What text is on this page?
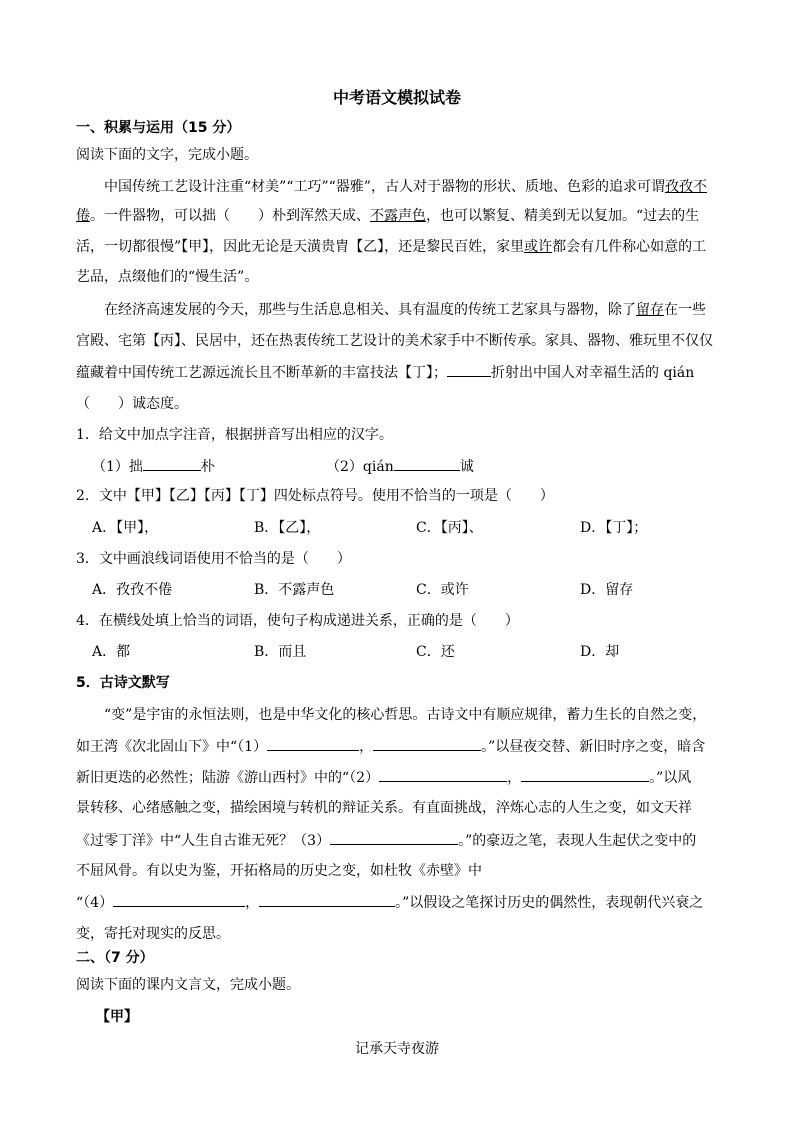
中考语文模拟试卷
一、积累与运用（15 分）
阅读下面的文字，完成小题。
中国传统工艺设计注重“材美”“工巧”“器雅”，古人对于器物的形状、质地、色彩的追求可谓孜孜不
倦。一件器物，可以拙（　　）朴到浑然天成、不露声色，也可以繁复、精美到无以复加。“过去的生
活，一切都很慢”【甲】，因此无论是天潢贵胄【乙】，还是黎民百姓，家里或许都会有几件称心如意的工
艺品，点缀他们的“慢生活”。
在经济高速发展的今天，那些与生活息息相关、具有温度的传统工艺家具与器物，除了留存在一些
宫殿、宅第【丙】、民居中，还在热衷传统工艺设计的美术家手中不断传承。家具、器物、雅玩里不仅仅
蕴藏着中国传统工艺源远流长且不断革新的丰富技法【丁】；	折射出中国人对幸福生活的 qián
（　　）诚态度。
1．给文中加点字注音，根据拼音写出相应的汉字。
（1）拙	朴	（2）qián	诚
2．文中【甲】【乙】【丙】【丁】四处标点符号。使用不恰当的一项是（　　）
A．【甲】，	B．【乙】，	C．【丙】、	D．【丁】；
3．文中画浪线词语使用不恰当的是（　　）
A．孜孜不倦	B．不露声色	C．或许	D．留存
4．在横线处填上恰当的词语，使句子构成递进关系，正确的是（　　）
A．都	B．而且	C．还	D．却
5．古诗文默写
“变”是宇宙的永恒法则，也是中华文化的核心哲思。古诗文中有顺应规律，蓄力生长的自然之变，
如王湾《次北固山下》中“（1）	，	。”以昼夜交替、新旧时序之变，暗含
新旧更迭的必然性；陆游《游山西村》中的“（2）	，	。”以风
景转移、心绪感触之变，描绘困境与转机的辩证关系。有直面挑战，淬炼心志的人生之变，如文天祥
《过零丁洋》中“人生自古谁无死？（3）	。”的豪迈之笔，表现人生起伏之变中的
不屈风骨。有以史为鉴，开拓格局的历史之变，如杜牧《赤壁》中
“（4）	，	。”以假设之笔探讨历史的偶然性，表现朝代兴衰之
变，寄托对现实的反思。
二、（7 分）
阅读下面的课内文言文，完成小题。
【甲】
记承天寺夜游
